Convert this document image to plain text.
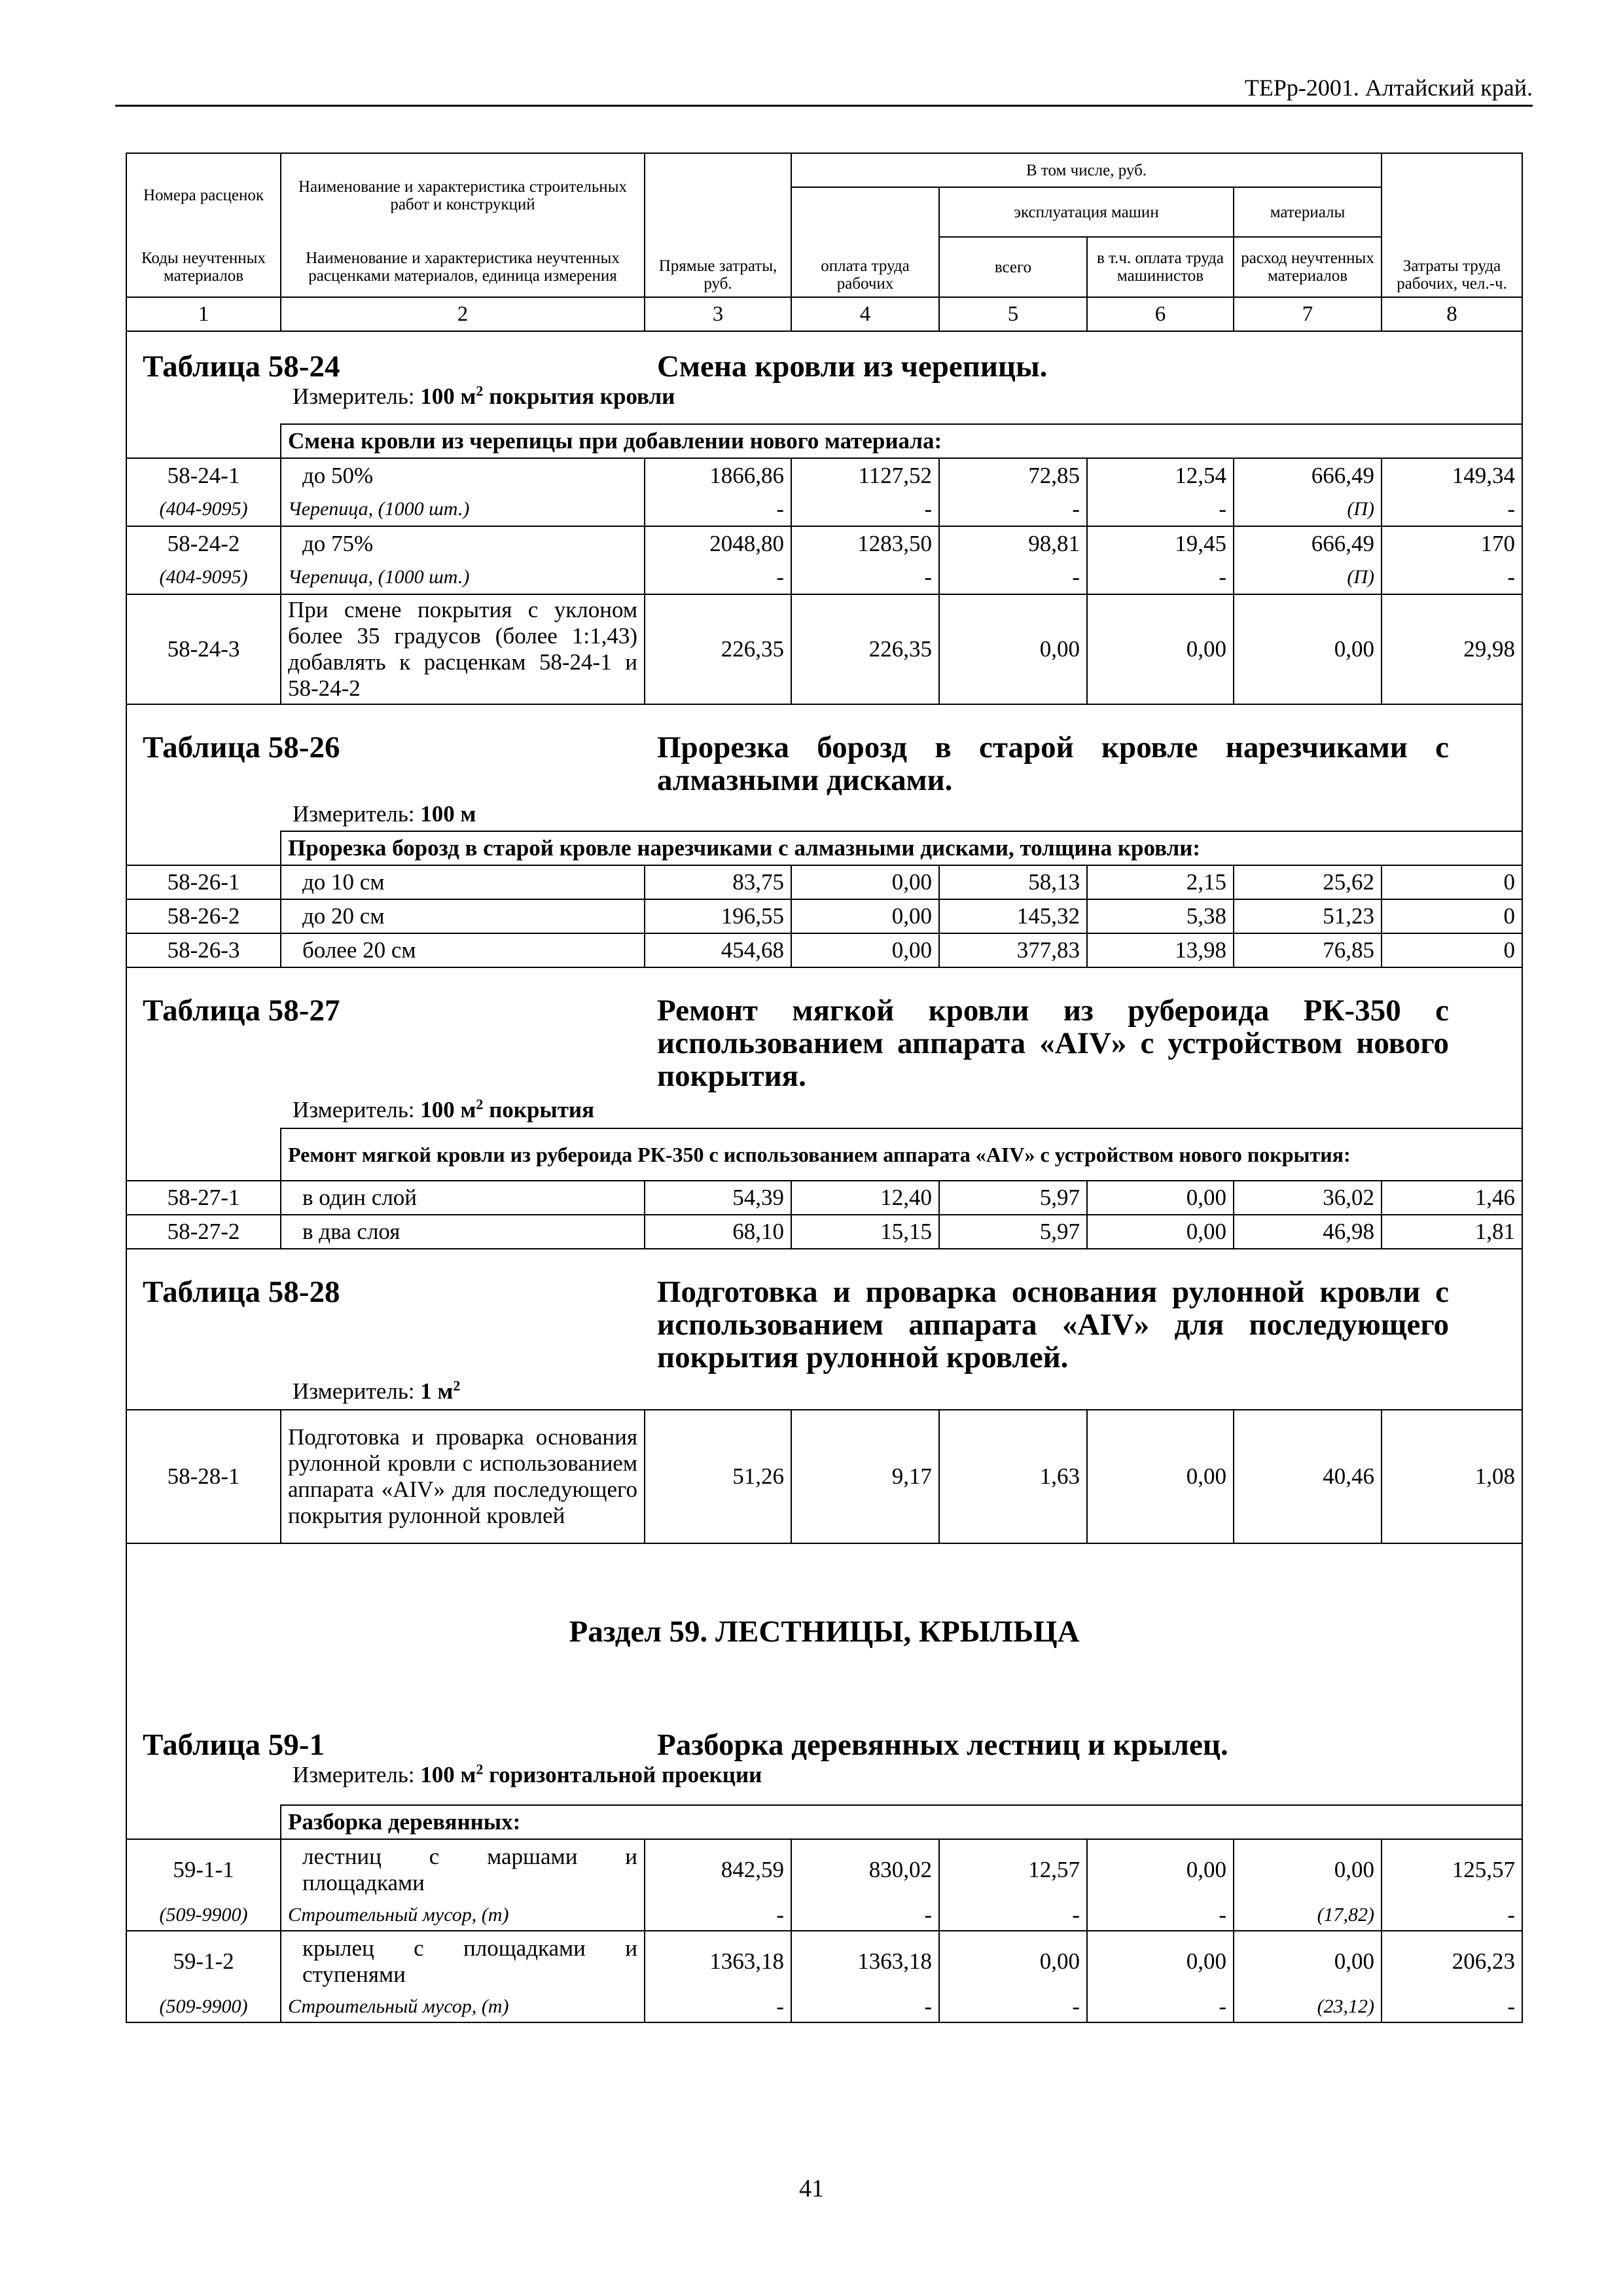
ТЕРр-2001. Алтайский край.
Номера расценок	Наименование и характеристика строительных работ и конструкций	Прямые затраты, руб.	В том числе, руб.				Затраты труда рабочих, чел.-ч.
			оплата труда рабочих	эксплуатация машин		материалы	
Коды неучтенных материалов	Наименование и характеристика неучтенных расценками материалов, единица измерения			всего	в т.ч. оплата труда машинистов	расход неучтенных материалов	
1	2	3	4	5	6	7	8

Таблица 58-24 Смена кровли из черепицы.
Измеритель: 100 $м^2$ покрытия кровли							

	Смена кровли из черепицы при добавлении нового материала:						
58-24-1	до 50%	1866,86	1127,52	72,85	12,54	666,49	149,34
(404-9095)	Черепица, (1000 шт.)	-	-	-	-	(П)	-
58-24-2	до 75%	2048,80	1283,50	98,81	19,45	666,49	170
(404-9095)	Черепица, (1000 шт.)	-	-	-	-	(П)	-
58-24-3	При смене покрытия с уклоном более 35 градусов (более 1:1,43) добавлять к расценкам 58-24-1 и 58-24-2	226,35	226,35	0,00	0,00	0,00	29,98

Таблица 58-26 Прорезка борозд в старой кровле нарезчиками с алмазными дисками.
Измеритель: 100 м							

	Прорезка борозд в старой кровле нарезчиками с алмазными дисками, толщина кровли:						
58-26-1	до 10 см	83,75	0,00	58,13	2,15	25,62	0
58-26-2	до 20 см	196,55	0,00	145,32	5,38	51,23	0
58-26-3	более 20 см	454,68	0,00	377,83	13,98	76,85	0

Таблица 58-27 Ремонт мягкой кровли из рубероида РК-350 с использованием аппарата «AIV» с устройством нового покрытия.
Измеритель: 100 $м^2$ покрытия							

	Ремонт мягкой кровли из рубероида РК-350 с использованием аппарата «AIV» с устройством нового покрытия:						
58-27-1	в один слой	54,39	12,40	5,97	0,00	36,02	1,46
58-27-2	в два слоя	68,10	15,15	5,97	0,00	46,98	1,81

Таблица 58-28 Подготовка и проварка основания рулонной кровли с использованием аппарата «AIV» для последующего покрытия рулонной кровлей.
Измеритель: 1 $м^2$

58-28-1	Подготовка и проварка основания рулонной кровли с использованием аппарата «AIV» для последующего покрытия рулонной кровлей	51,26	9,17	1,63	0,00	40,46	1,08

Раздел 59. ЛЕСТНИЦЫ, КРЫЛЬЦА
Таблица 59-1 Разборка деревянных лестниц и крылец.
Измеритель: 100 $м^2$ горизонтальной проекции							

	Разборка деревянных:						
59-1-1	лестниц с маршами и площадками	842,59	830,02	12,57	0,00	0,00	125,57
(509-9900)	Строительный мусор, (т)	-	-	-	-	(17,82)	-
59-1-2	крылец с площадками и ступенями	1363,18	1363,18	0,00	0,00	0,00	206,23
(509-9900)	Строительный мусор, (т)	-	-	-	-	(23,12)	-
41
